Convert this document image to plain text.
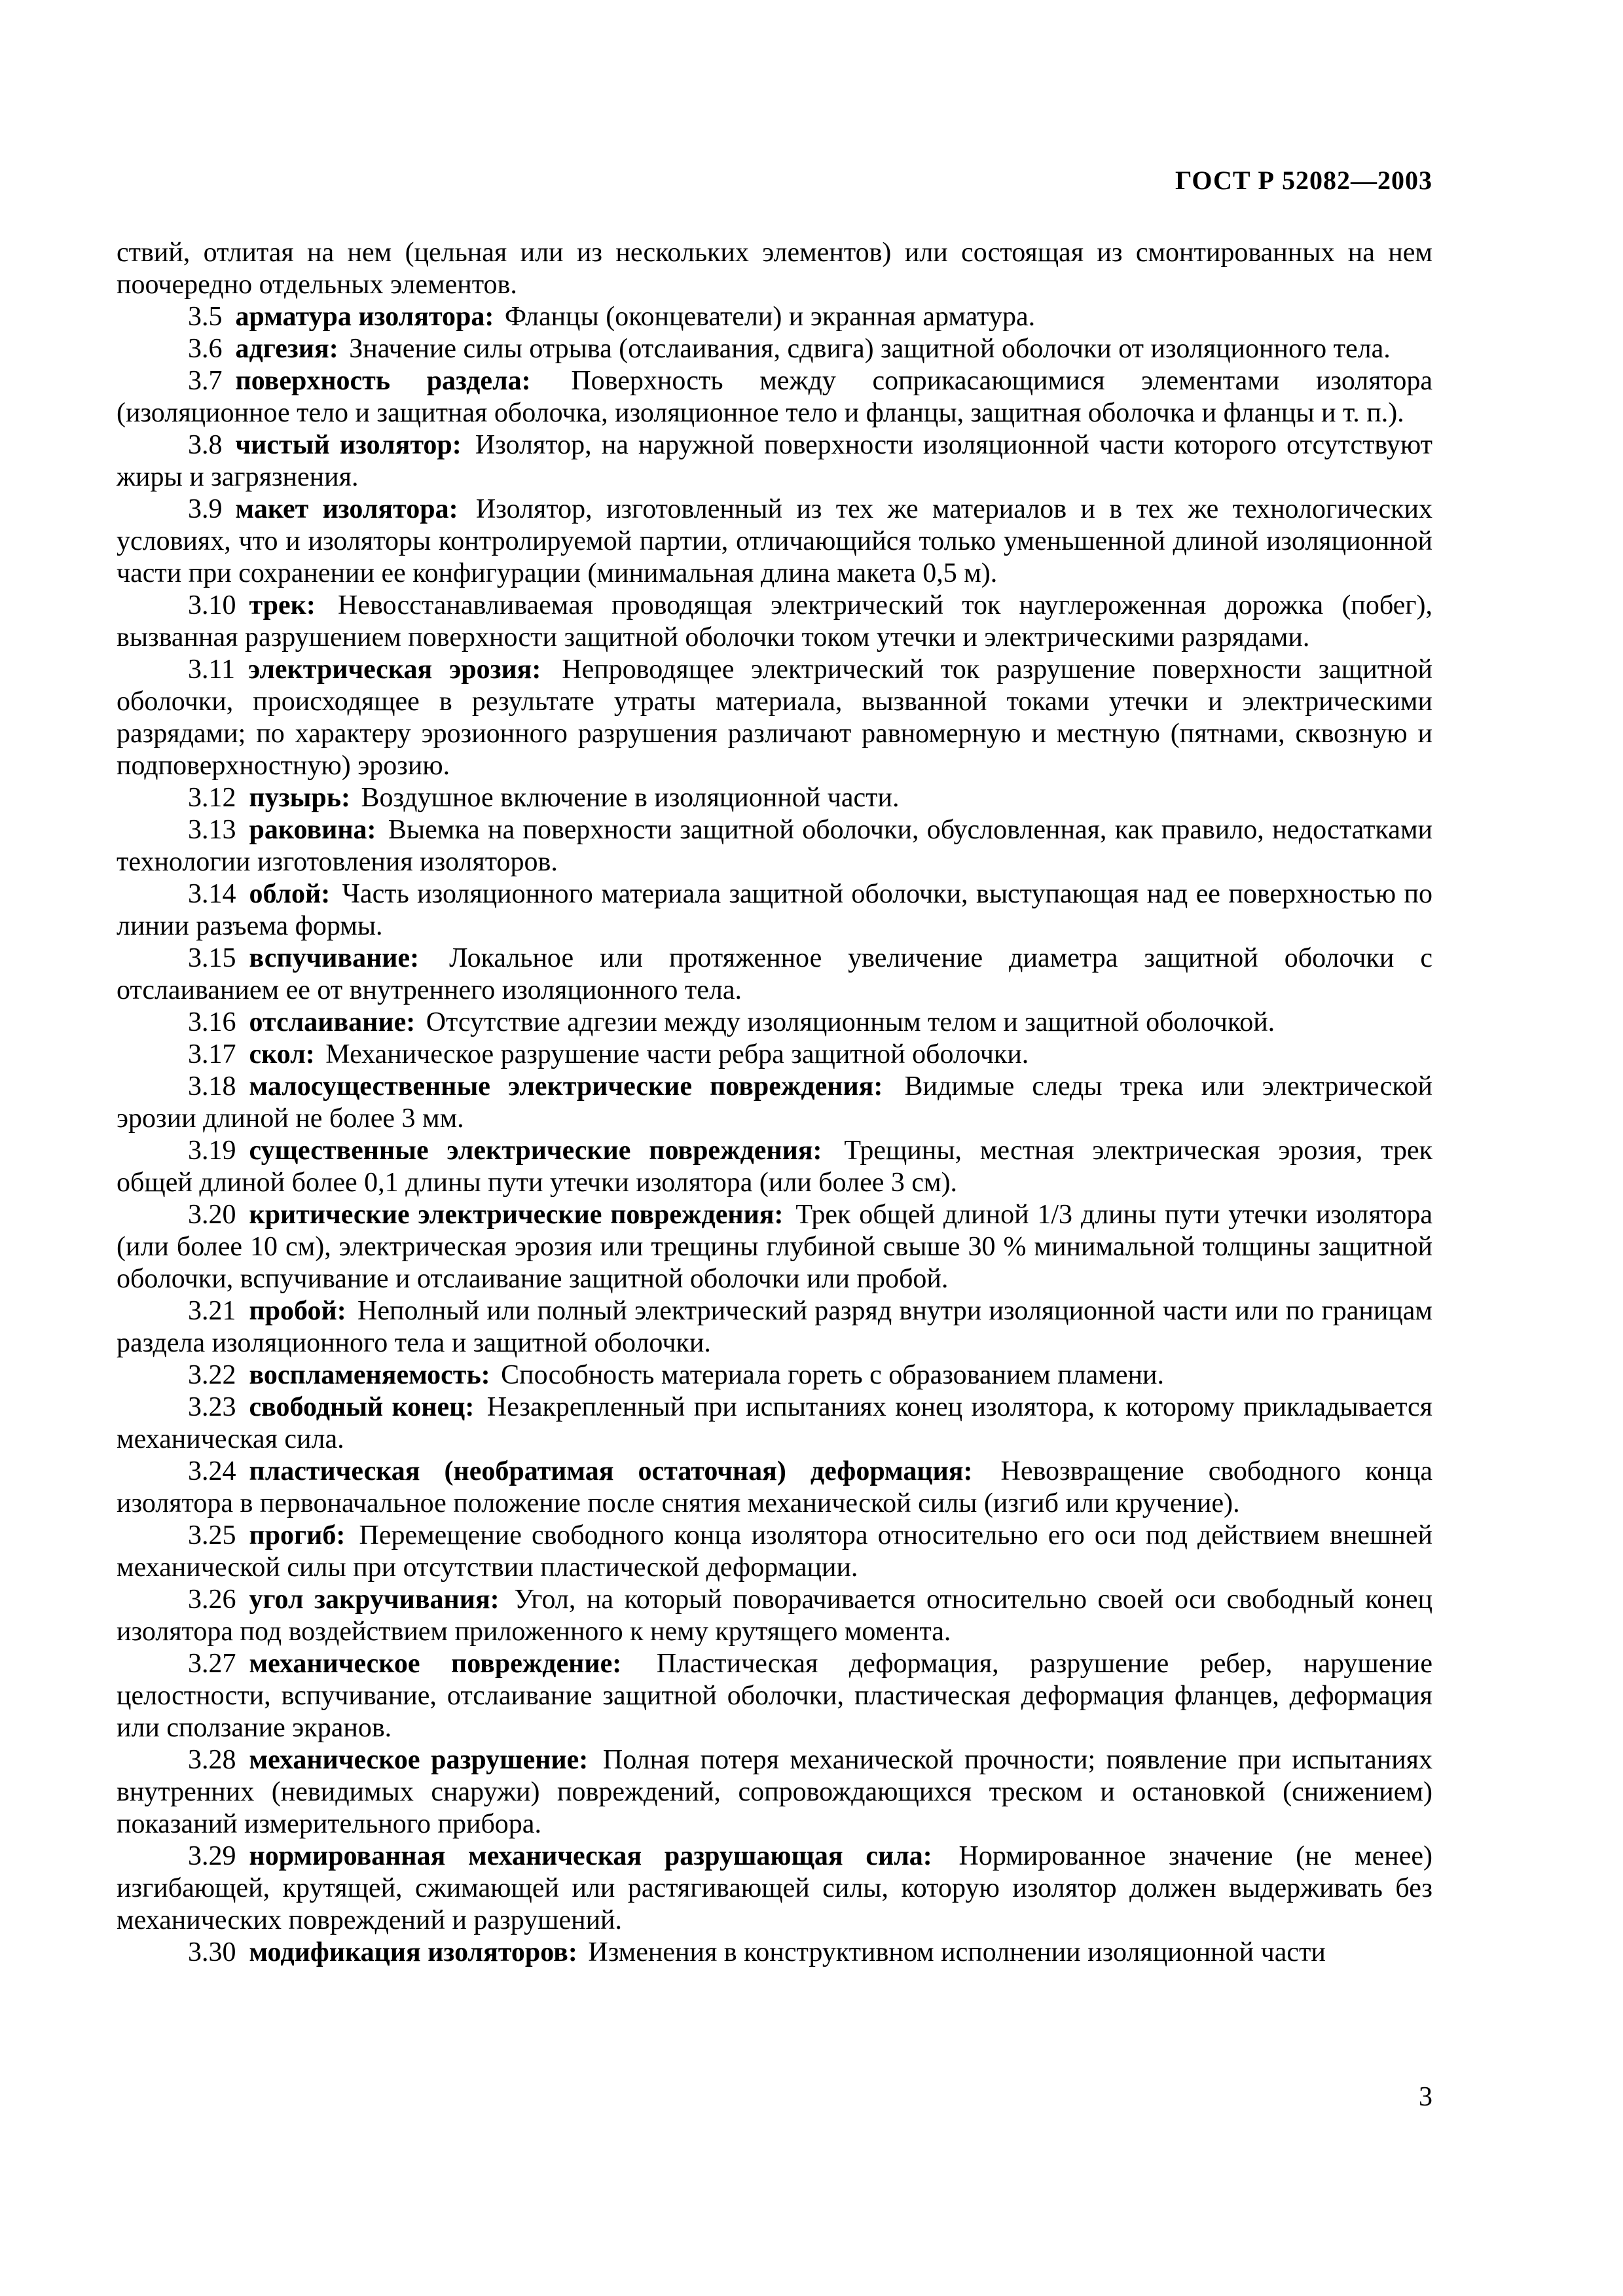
ГОСТ Р 52082—2003

ствий, отлитая на нем (цельная или из нескольких элементов) или состоящая из смонтированных на нем поочередно отдельных элементов.

3.5 арматура изолятора: Фланцы (оконцеватели) и экранная арматура.

3.6 адгезия: Значение силы отрыва (отслаивания, сдвига) защитной оболочки от изоляционного тела.

3.7 поверхность раздела: Поверхность между соприкасающимися элементами изолятора (изоляционное тело и защитная оболочка, изоляционное тело и фланцы, защитная оболочка и фланцы и т. п.).

3.8 чистый изолятор: Изолятор, на наружной поверхности изоляционной части которого отсутствуют жиры и загрязнения.

3.9 макет изолятора: Изолятор, изготовленный из тех же материалов и в тех же технологических условиях, что и изоляторы контролируемой партии, отличающийся только уменьшенной длиной изоляционной части при сохранении ее конфигурации (минимальная длина макета 0,5 м).

3.10 трек: Невосстанавливаемая проводящая электрический ток науглероженная дорожка (побег), вызванная разрушением поверхности защитной оболочки током утечки и электрическими разрядами.

3.11 электрическая эрозия: Непроводящее электрический ток разрушение поверхности защитной оболочки, происходящее в результате утраты материала, вызванной токами утечки и электрическими разрядами; по характеру эрозионного разрушения различают равномерную и местную (пятнами, сквозную и подповерхностную) эрозию.

3.12 пузырь: Воздушное включение в изоляционной части.

3.13 раковина: Выемка на поверхности защитной оболочки, обусловленная, как правило, недостатками технологии изготовления изоляторов.

3.14 облой: Часть изоляционного материала защитной оболочки, выступающая над ее поверхностью по линии разъема формы.

3.15 вспучивание: Локальное или протяженное увеличение диаметра защитной оболочки с отслаиванием ее от внутреннего изоляционного тела.

3.16 отслаивание: Отсутствие адгезии между изоляционным телом и защитной оболочкой.

3.17 скол: Механическое разрушение части ребра защитной оболочки.

3.18 малосущественные электрические повреждения: Видимые следы трека или электрической эрозии длиной не более 3 мм.

3.19 существенные электрические повреждения: Трещины, местная электрическая эрозия, трек общей длиной более 0,1 длины пути утечки изолятора (или более 3 см).

3.20 критические электрические повреждения: Трек общей длиной 1/3 длины пути утечки изолятора (или более 10 см), электрическая эрозия или трещины глубиной свыше 30 % минимальной толщины защитной оболочки, вспучивание и отслаивание защитной оболочки или пробой.

3.21 пробой: Неполный или полный электрический разряд внутри изоляционной части или по границам раздела изоляционного тела и защитной оболочки.

3.22 воспламеняемость: Способность материала гореть с образованием пламени.

3.23 свободный конец: Незакрепленный при испытаниях конец изолятора, к которому прикладывается механическая сила.

3.24 пластическая (необратимая остаточная) деформация: Невозвращение свободного конца изолятора в первоначальное положение после снятия механической силы (изгиб или кручение).

3.25 прогиб: Перемещение свободного конца изолятора относительно его оси под действием внешней механической силы при отсутствии пластической деформации.

3.26 угол закручивания: Угол, на который поворачивается относительно своей оси свободный конец изолятора под воздействием приложенного к нему крутящего момента.

3.27 механическое повреждение: Пластическая деформация, разрушение ребер, нарушение целостности, вспучивание, отслаивание защитной оболочки, пластическая деформация фланцев, деформация или сползание экранов.

3.28 механическое разрушение: Полная потеря механической прочности; появление при испытаниях внутренних (невидимых снаружи) повреждений, сопровождающихся треском и остановкой (снижением) показаний измерительного прибора.

3.29 нормированная механическая разрушающая сила: Нормированное значение (не менее) изгибающей, крутящей, сжимающей или растягивающей силы, которую изолятор должен выдерживать без механических повреждений и разрушений.

3.30 модификация изоляторов: Изменения в конструктивном исполнении изоляционной части

3
